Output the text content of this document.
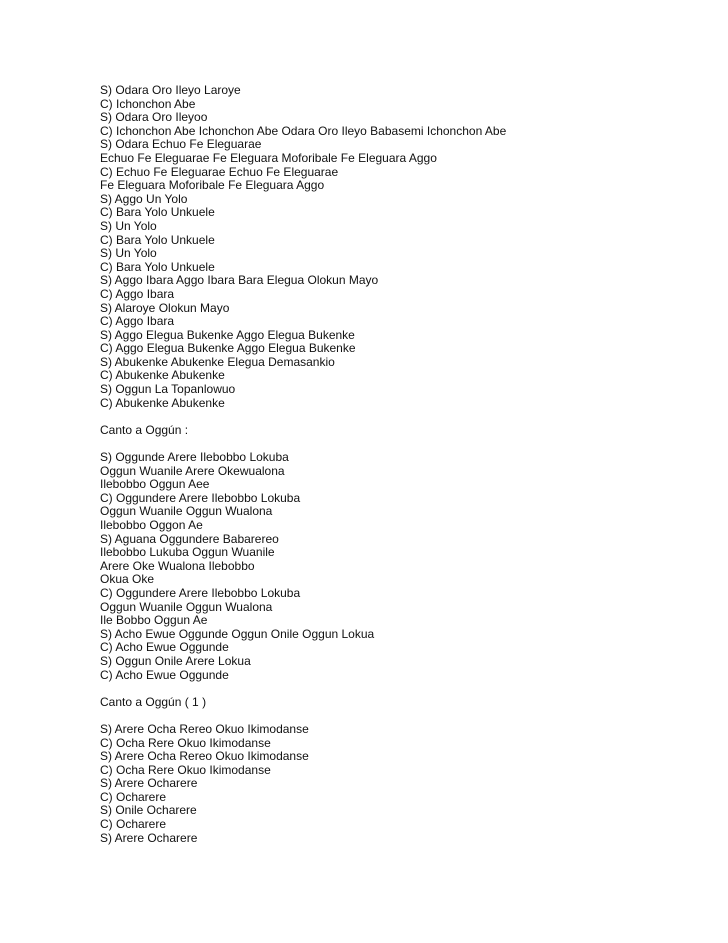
S) Odara Oro Ileyo Laroye
C) Ichonchon Abe
S) Odara Oro Ileyoo
C) Ichonchon Abe Ichonchon Abe Odara Oro Ileyo Babasemi Ichonchon Abe
S) Odara Echuo Fe Eleguarae
Echuo Fe Eleguarae Fe Eleguara Moforibale Fe Eleguara Aggo
C) Echuo Fe Eleguarae Echuo Fe Eleguarae
Fe Eleguara Moforibale Fe Eleguara Aggo
S) Aggo Un Yolo
C) Bara Yolo Unkuele
S) Un Yolo
C) Bara Yolo Unkuele
S) Un Yolo
C) Bara Yolo Unkuele
S) Aggo Ibara Aggo Ibara Bara Elegua Olokun Mayo
C) Aggo Ibara
S) Alaroye Olokun Mayo
C) Aggo Ibara
S) Aggo Elegua Bukenke Aggo Elegua Bukenke
C) Aggo Elegua Bukenke Aggo Elegua Bukenke
S) Abukenke Abukenke Elegua Demasankio
C) Abukenke Abukenke
S) Oggun La Topanlowuo
C) Abukenke Abukenke
Canto a Oggún :
S) Oggunde Arere Ilebobbo Lokuba
Oggun Wuanile Arere Okewualona
Ilebobbo Oggun Aee
C) Oggundere Arere Ilebobbo Lokuba
Oggun Wuanile Oggun Wualona
Ilebobbo Oggon Ae
S) Aguana Oggundere Babarereo
Ilebobbo Lukuba Oggun Wuanile
Arere Oke Wualona Ilebobbo
Okua Oke
C) Oggundere Arere Ilebobbo Lokuba
Oggun Wuanile Oggun Wualona
Ile Bobbo Oggun Ae
S) Acho Ewue Oggunde Oggun Onile Oggun Lokua
C) Acho Ewue Oggunde
S) Oggun Onile Arere Lokua
C) Acho Ewue Oggunde
Canto a Oggún ( 1 )
S) Arere Ocha Rereo Okuo Ikimodanse
C) Ocha Rere Okuo Ikimodanse
S) Arere Ocha Rereo Okuo Ikimodanse
C) Ocha Rere Okuo Ikimodanse
S) Arere Ocharere
C) Ocharere
S) Onile Ocharere
C) Ocharere
S) Arere Ocharere
